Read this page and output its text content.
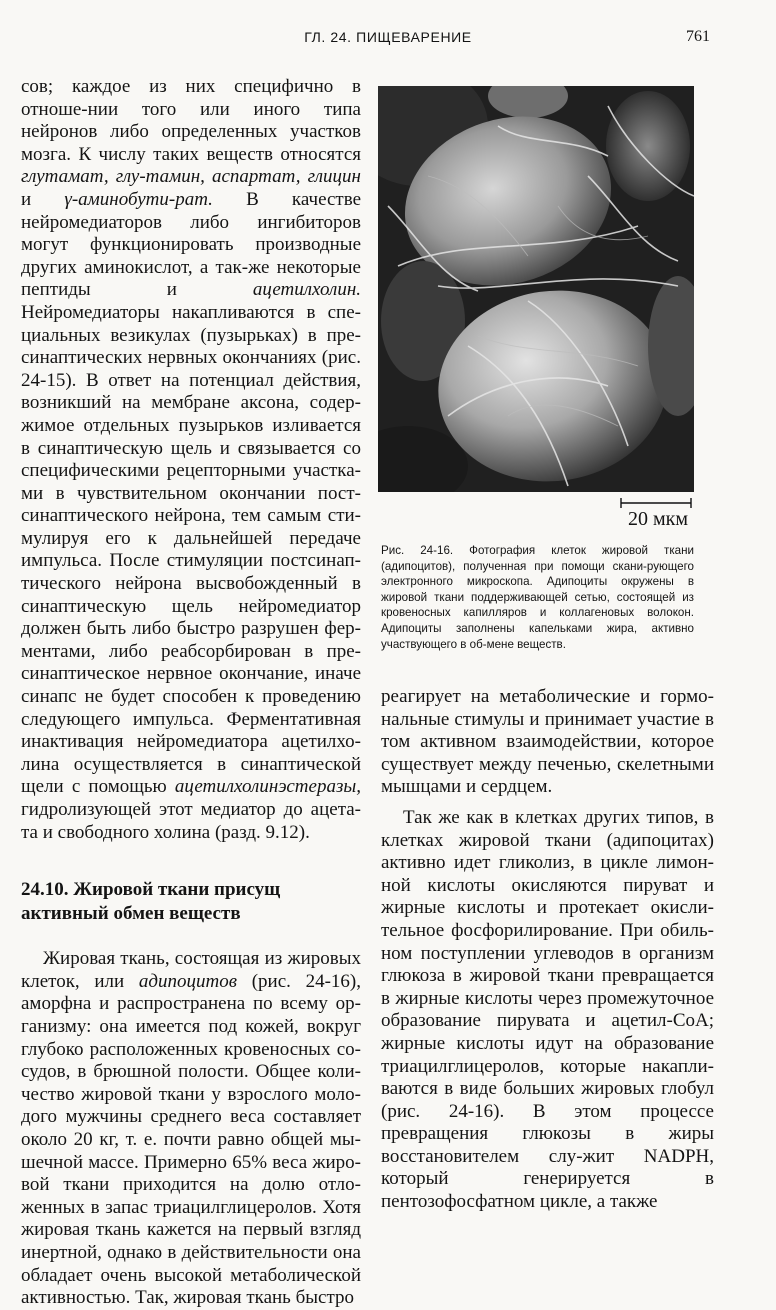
ГЛ. 24. ПИЩЕВАРЕНИЕ	761

сов; каждое из них специфично в отноше-нии того или иного типа нейронов либо определенных участков мозга. К числу таких веществ относятся глутамат, глу-тамин, аспартат, глицин и γ-аминобути-рат. В качестве нейромедиаторов либо ингибиторов могут функционировать производные других аминокислот, а так-же некоторые пептиды и ацетилхолин. Нейромедиаторы накапливаются в спе-циальных везикулах (пузырьках) в пре-синаптических нервных окончаниях (рис. 24-15). В ответ на потенциал действия, возникший на мембране аксона, содер-жимое отдельных пузырьков изливается в синаптическую щель и связывается со специфическими рецепторными участка-ми в чувствительном окончании пост-синаптического нейрона, тем самым сти-мулируя его к дальнейшей передаче импульса. После стимуляции постсинап-тического нейрона высвобожденный в синаптическую щель нейромедиатор должен быть либо быстро разрушен фер-ментами, либо реабсорбирован в пре-синаптическое нервное окончание, иначе синапс не будет способен к проведению следующего импульса. Ферментативная инактивация нейромедиатора ацетилхо-лина осуществляется в синаптической щели с помощью ацетилхолинэстеразы, гидролизующей этот медиатор до ацета-та и свободного холина (разд. 9.12).

24.10. Жировой ткани присущ активный обмен веществ

Жировая ткань, состоящая из жировых клеток, или адипоцитов (рис. 24-16), аморфна и распространена по всему ор-ганизму: она имеется под кожей, вокруг глубоко расположенных кровеносных со-судов, в брюшной полости. Общее коли-чество жировой ткани у взрослого моло-дого мужчины среднего веса составляет около 20 кг, т. е. почти равно общей мы-шечной массе. Примерно 65% веса жиро-вой ткани приходится на долю отло-женных в запас триацилглицеролов. Хотя жировая ткань кажется на первый взгляд инертной, однако в действительности она обладает очень высокой метаболической активностью. Так, жировая ткань быстро

20 мкм
Рис. 24-16. Фотография клеток жировой ткани (адипоцитов), полученная при помощи скани-рующего электронного микроскопа. Адипоциты окружены в жировой ткани поддерживающей сетью, состоящей из кровеносных капилляров и коллагеновых волокон. Адипоциты заполнены капельками жира, активно участвующего в об-мене веществ.

реагирует на метаболические и гормо-нальные стимулы и принимает участие в том активном взаимодействии, которое существует между печенью, скелетными мышцами и сердцем.

Так же как в клетках других типов, в клетках жировой ткани (адипоцитах) активно идет гликолиз, в цикле лимон-ной кислоты окисляются пируват и жирные кислоты и протекает окисли-тельное фосфорилирование. При обиль-ном поступлении углеводов в организм глюкоза в жировой ткани превращается в жирные кислоты через промежуточное образование пирувата и ацетил-СоА; жирные кислоты идут на образование триацилглицеролов, которые накапли-ваются в виде больших жировых глобул (рис. 24-16). В этом процессе превращения глюкозы в жиры восстановителем слу-жит NADPH, который генерируется в пентозофосфатном цикле, а также
